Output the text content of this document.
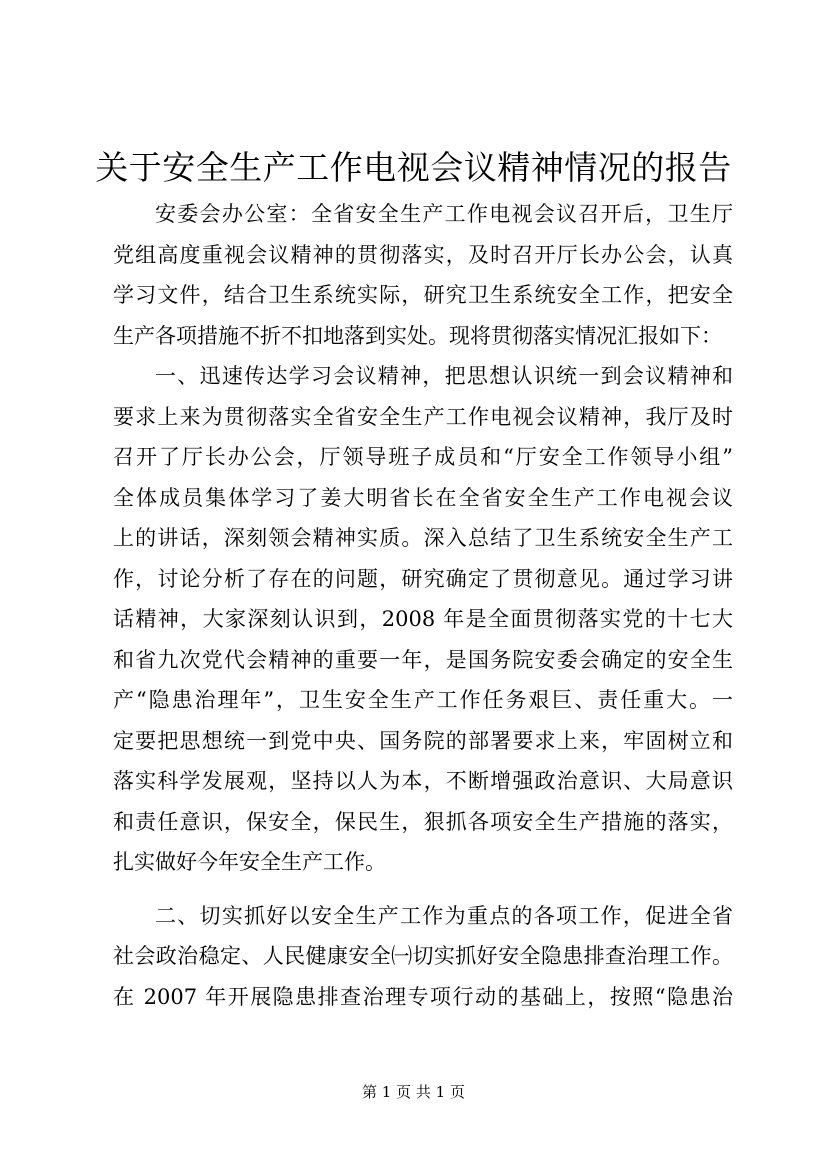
关于安全生产工作电视会议精神情况的报告
安委会办公室：全省安全生产工作电视会议召开后，卫生厅
党组高度重视会议精神的贯彻落实，及时召开厅长办公会，认真
学习文件，结合卫生系统实际，研究卫生系统安全工作，把安全
生产各项措施不折不扣地落到实处。现将贯彻落实情况汇报如下：
一、迅速传达学习会议精神，把思想认识统一到会议精神和
要求上来为贯彻落实全省安全生产工作电视会议精神，我厅及时
召开了厅长办公会，厅领导班子成员和“厅安全工作领导小组”
全体成员集体学习了姜大明省长在全省安全生产工作电视会议
上的讲话，深刻领会精神实质。深入总结了卫生系统安全生产工
作，讨论分析了存在的问题，研究确定了贯彻意见。通过学习讲
话精神，大家深刻认识到，2008 年是全面贯彻落实党的十七大
和省九次党代会精神的重要一年，是国务院安委会确定的安全生
产“隐患治理年”，卫生安全生产工作任务艰巨、责任重大。一
定要把思想统一到党中央、国务院的部署要求上来，牢固树立和
落实科学发展观，坚持以人为本，不断增强政治意识、大局意识
和责任意识，保安全，保民生，狠抓各项安全生产措施的落实，
扎实做好今年安全生产工作。
二、切实抓好以安全生产工作为重点的各项工作，促进全省
社会政治稳定、人民健康安全㈠切实抓好安全隐患排查治理工作。
在 2007 年开展隐患排查治理专项行动的基础上，按照“隐患治
第 1 页 共 1 页
